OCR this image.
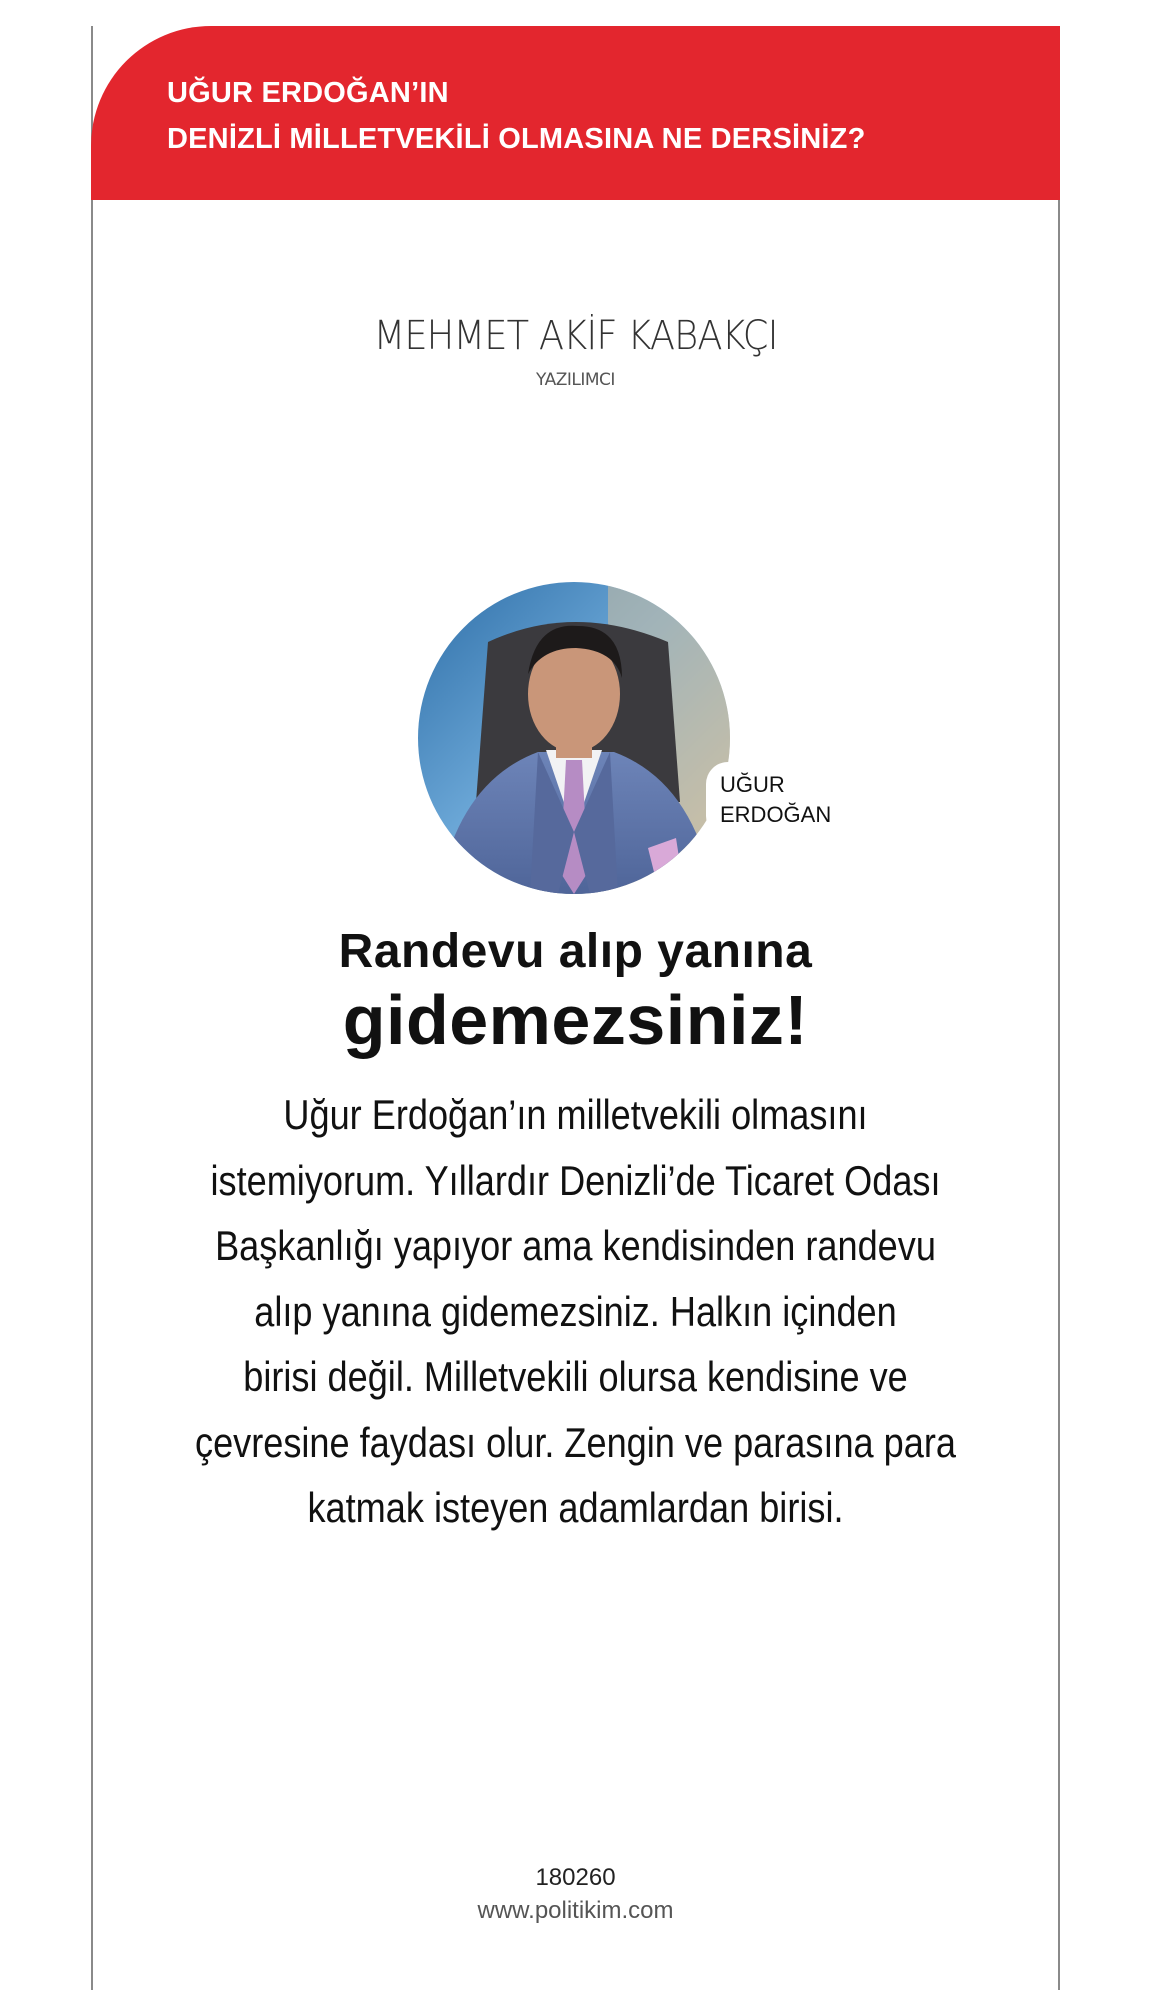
UĞUR ERDOĞAN’IN
DENİZLİ MİLLETVEKİLİ OLMASINA NE DERSİNİZ?
MEHMET AKİF KABAKÇI
YAZILIMCI
UĞUR
ERDOĞAN
Randevu alıp yanına
gidemezsiniz!
Uğur Erdoğan’ın milletvekili olmasını
istemiyorum. Yıllardır Denizli’de Ticaret Odası
Başkanlığı yapıyor ama kendisinden randevu
alıp yanına gidemezsiniz. Halkın içinden
birisi değil. Milletvekili olursa kendisine ve
çevresine faydası olur. Zengin ve parasına para
katmak isteyen adamlardan birisi.
180260
www.politikim.com
